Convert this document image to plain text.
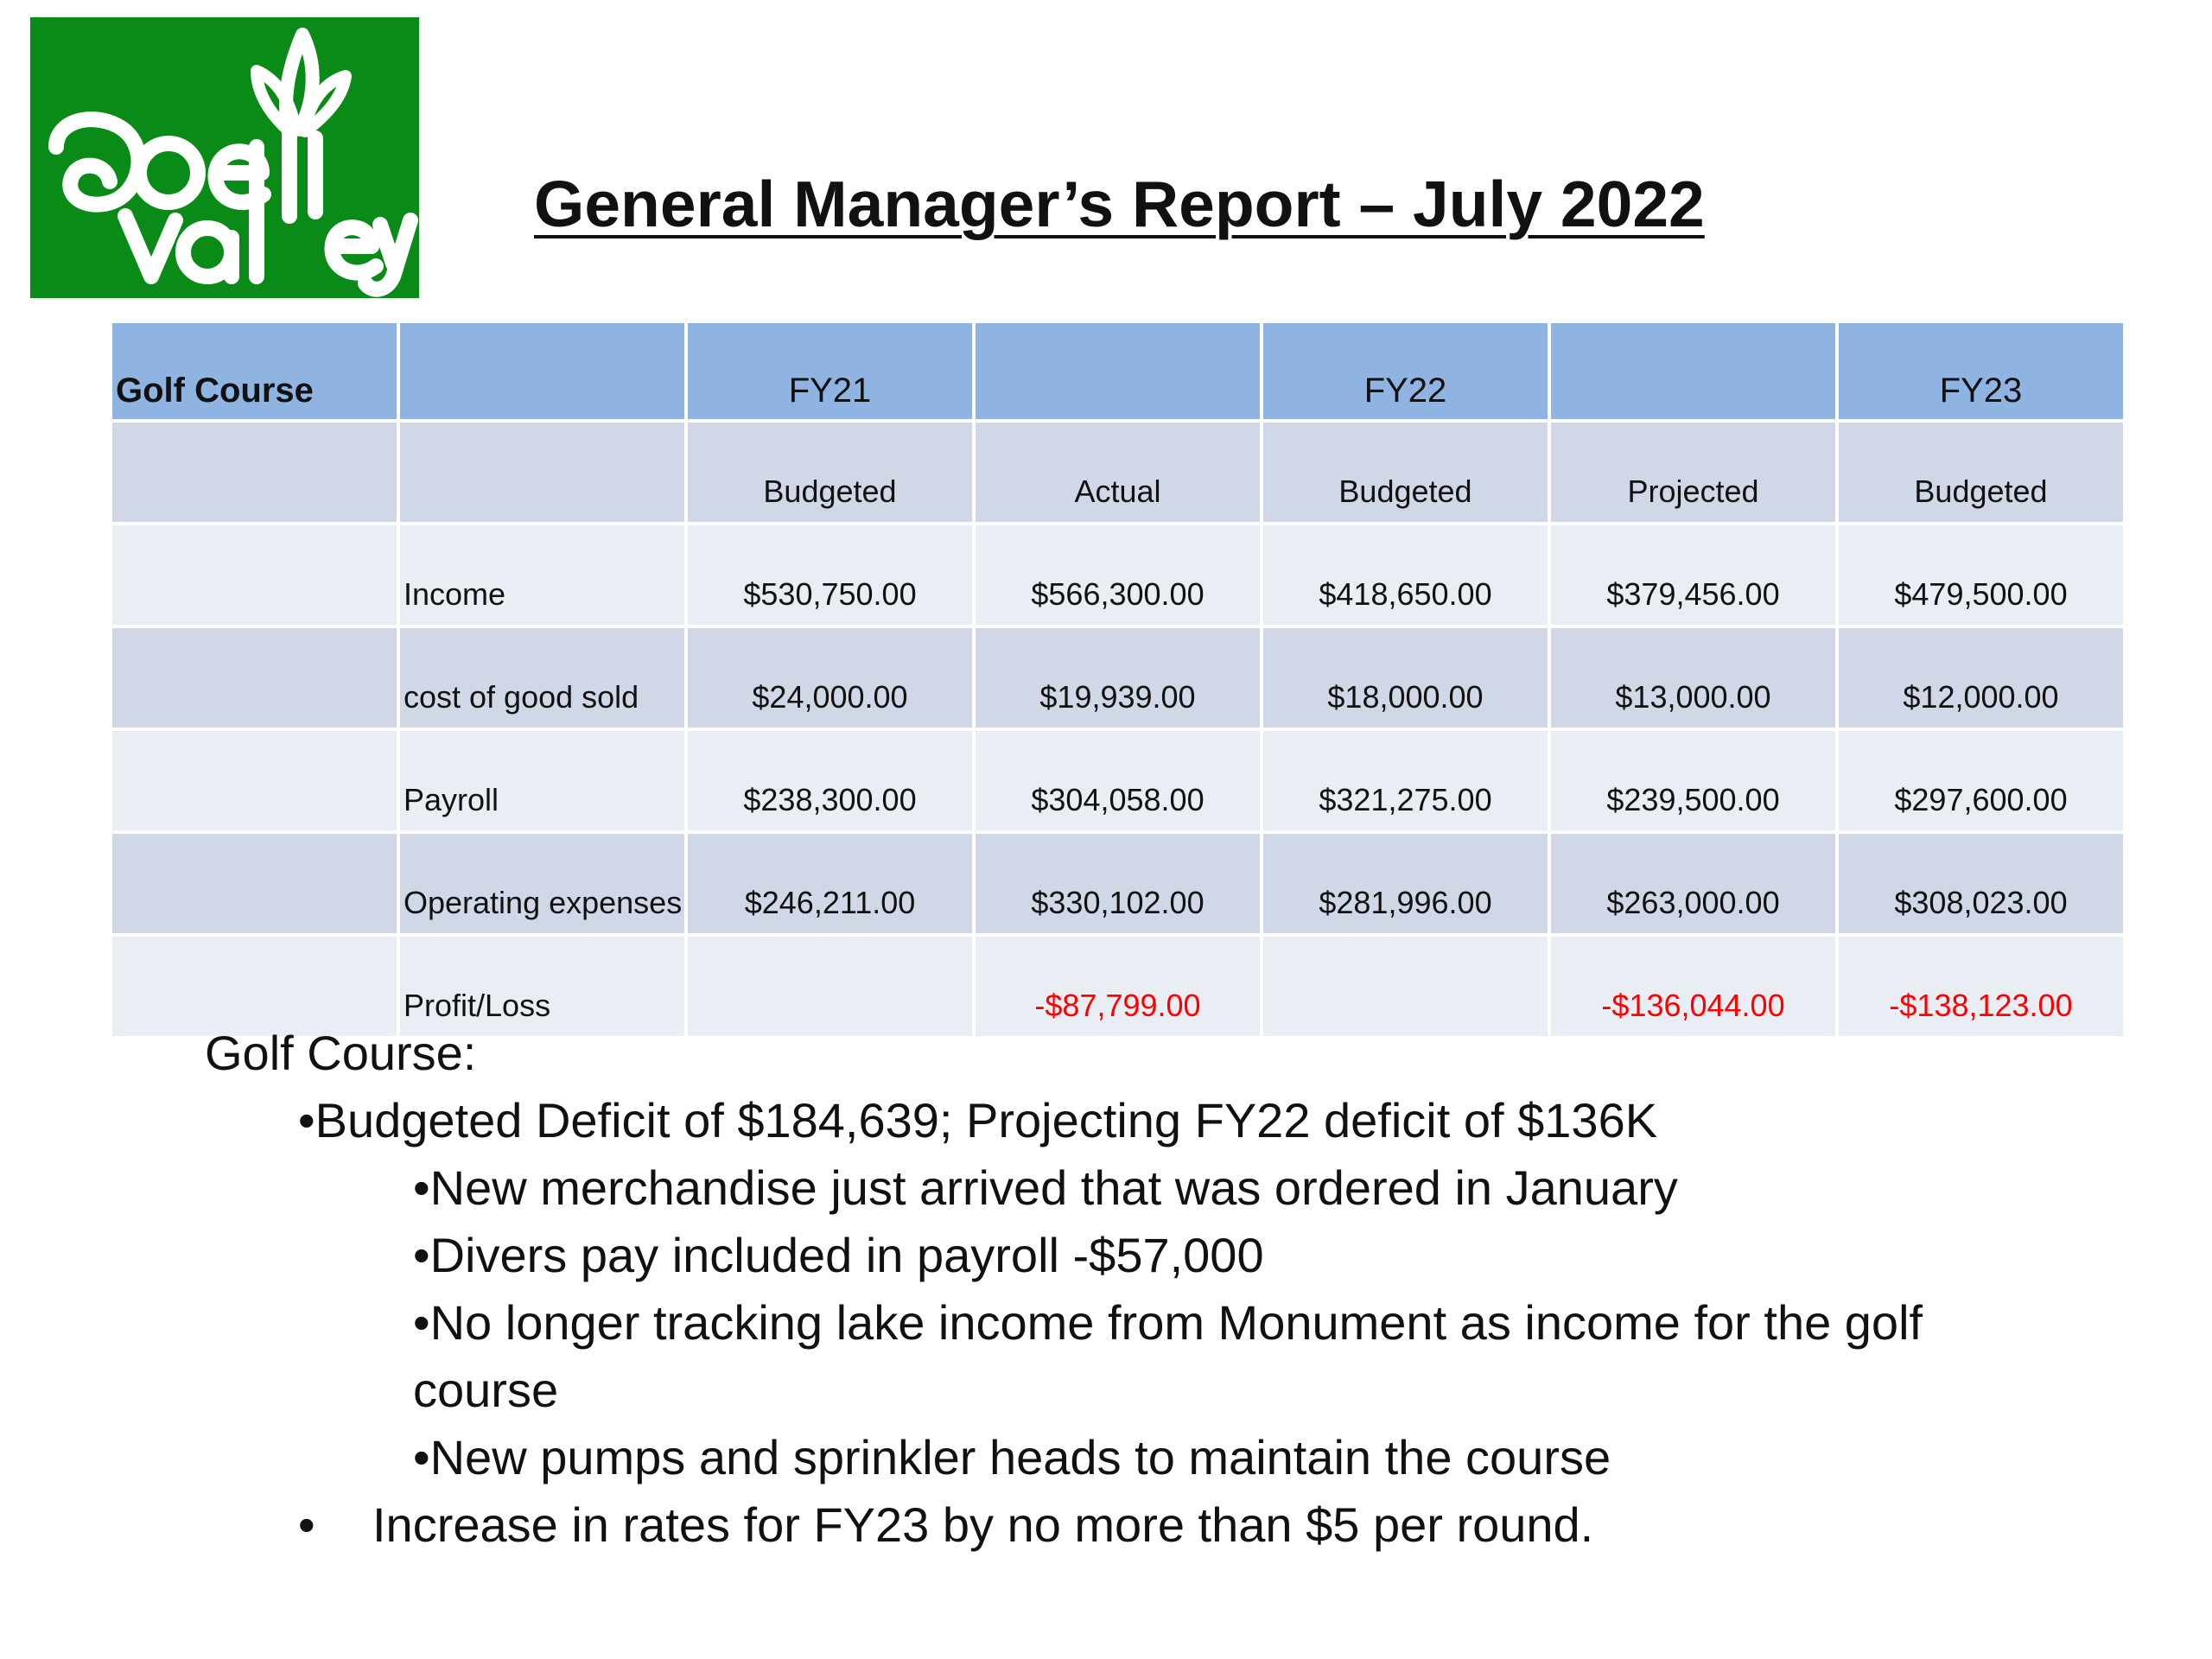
General Manager’s Report – July 2022
Golf Course		FY21		FY22		FY23
		Budgeted	Actual	Budgeted	Projected	Budgeted
	Income	$530,750.00	$566,300.00	$418,650.00	$379,456.00	$479,500.00
	cost of good sold	$24,000.00	$19,939.00	$18,000.00	$13,000.00	$12,000.00
	Payroll	$238,300.00	$304,058.00	$321,275.00	$239,500.00	$297,600.00
	Operating expenses	$246,211.00	$330,102.00	$281,996.00	$263,000.00	$308,023.00
	Profit/Loss		-$87,799.00		-$136,044.00	-$138,123.00
Golf Course:
•Budgeted Deficit of $184,639; Projecting FY22 deficit of $136K
•New merchandise just arrived that was ordered in January
•Divers pay included in payroll -$57,000
•No longer tracking lake income from Monument as income for the golf
course
•New pumps and sprinkler heads to maintain the course
•	Increase in rates for FY23 by no more than $5 per round.
